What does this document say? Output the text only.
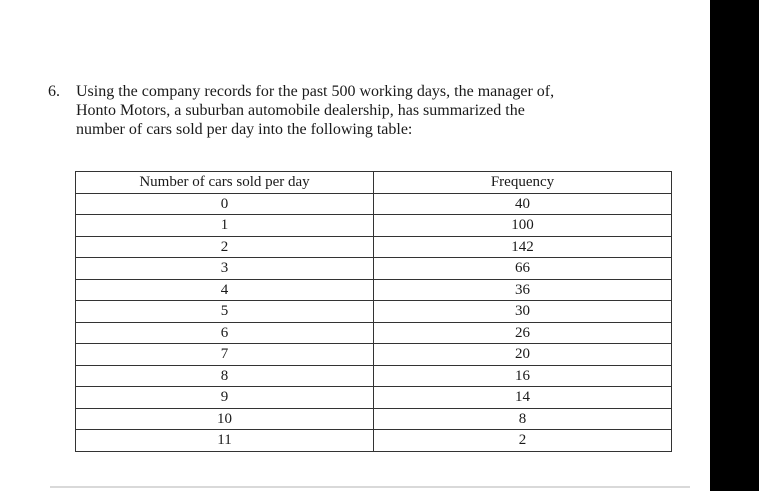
6. Using the company records for the past 500 working days, the manager of,
Honto Motors, a suburban automobile dealership, has summarized the
number of cars sold per day into the following table:
Number of cars sold per day	Frequency
0	40
1	100
2	142
3	66
4	36
5	30
6	26
7	20
8	16
9	14
10	8
11	2
